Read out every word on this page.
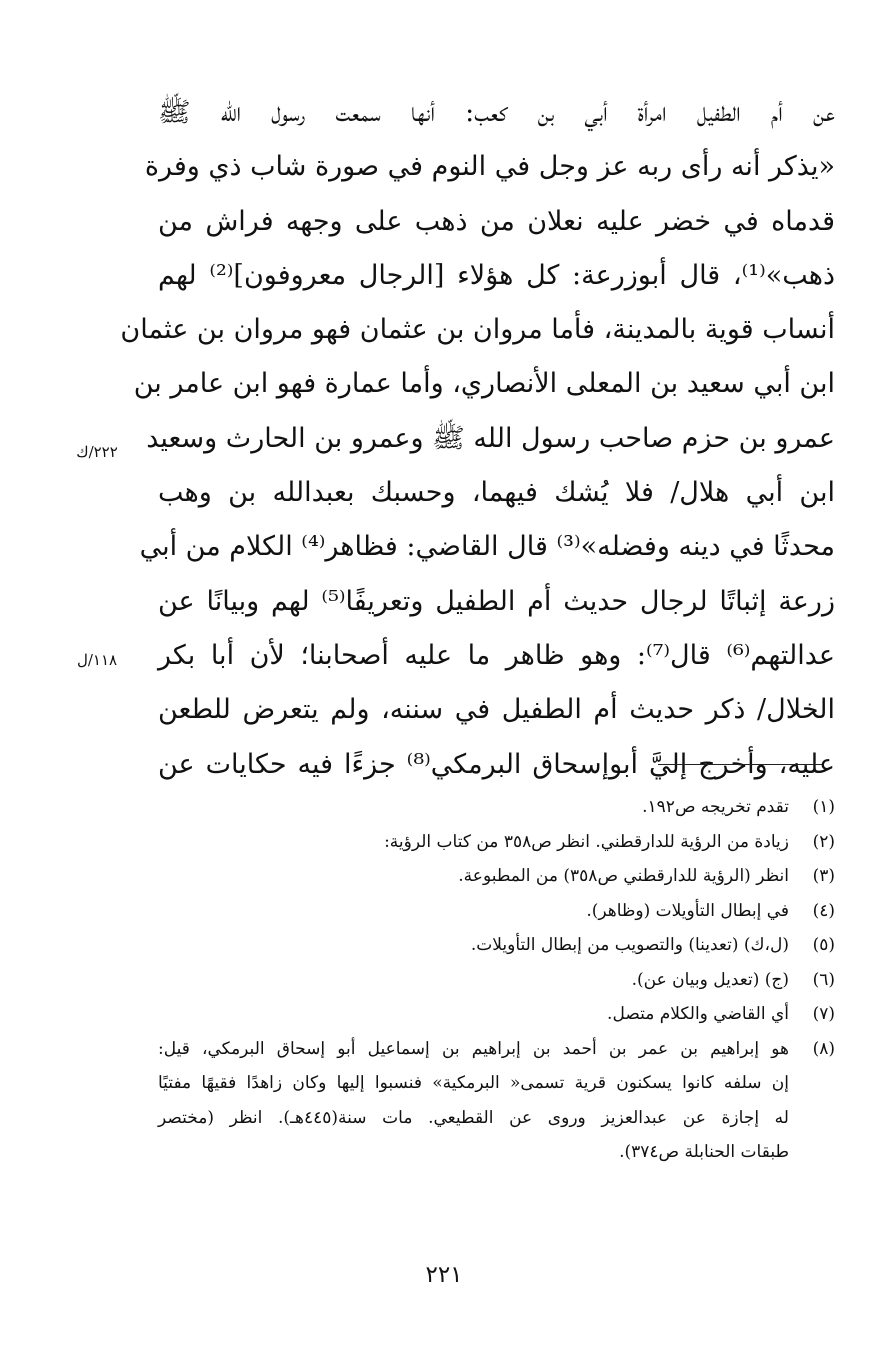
عن أم الطفيل امرأة أبي بن كعب: أنها سمعت رسول الله ﷺ
«يذكر أنه رأى ربه عز وجل في النوم في صورة شاب ذي وفرة
قدماه في خضر عليه نعلان من ذهب على وجهه فراش من
ذهب»⁽¹⁾، قال أبوزرعة: كل هؤلاء [الرجال معروفون]⁽²⁾ لهم
أنساب قوية بالمدينة، فأما مروان بن عثمان فهو مروان بن عثمان
ابن أبي سعيد بن المعلى الأنصاري، وأما عمارة فهو ابن عامر بن
عمرو بن حزم صاحب رسول الله ﷺ وعمرو بن الحارث وسعيد
ابن أبي هلال/ فلا يُشك فيهما، وحسبك بعبدالله بن وهب
محدثًا في دينه وفضله»⁽³⁾ قال القاضي: فظاهر⁽⁴⁾ الكلام من أبي
زرعة إثباتًا لرجال حديث أم الطفيل وتعريفًا⁽⁵⁾ لهم وبيانًا عن
عدالتهم⁽⁶⁾ قال⁽⁷⁾: وهو ظاهر ما عليه أصحابنا؛ لأن أبا بكر
الخلال/ ذكر حديث أم الطفيل في سننه، ولم يتعرض للطعن
عليه، وأخرج إليَّ أبوإسحاق البرمكي⁽⁸⁾ جزءًا فيه حكايات عن
٢٢٢/ك
١١٨/ل
(١)
تقدم تخريجه ص١٩٢.
(٢)
زيادة من الرؤية للدارقطني. انظر ص٣٥٨ من كتاب الرؤية:
(٣)
انظر (الرؤية للدارقطني ص٣٥٨) من المطبوعة.
(٤)
في إبطال التأويلات (وظاهر).
(٥)
(ل،ك) (تعدينا) والتصويب من إبطال التأويلات.
(٦)
(ج) (تعديل وبيان عن).
(٧)
أي القاضي والكلام متصل.
(٨)
هو إبراهيم بن عمر بن أحمد بن إبراهيم بن إسماعيل أبو إسحاق البرمكي، قيل:
إن سلفه كانوا يسكنون قرية تسمى« البرمكية» فنسبوا إليها وكان زاهدًا فقيهًا مفتيًا
له إجازة عن عبدالعزيز وروى عن القطيعي. مات سنة(٤٤٥هـ). انظر (مختصر
طبقات الحنابلة ص٣٧٤).
٢٢١
